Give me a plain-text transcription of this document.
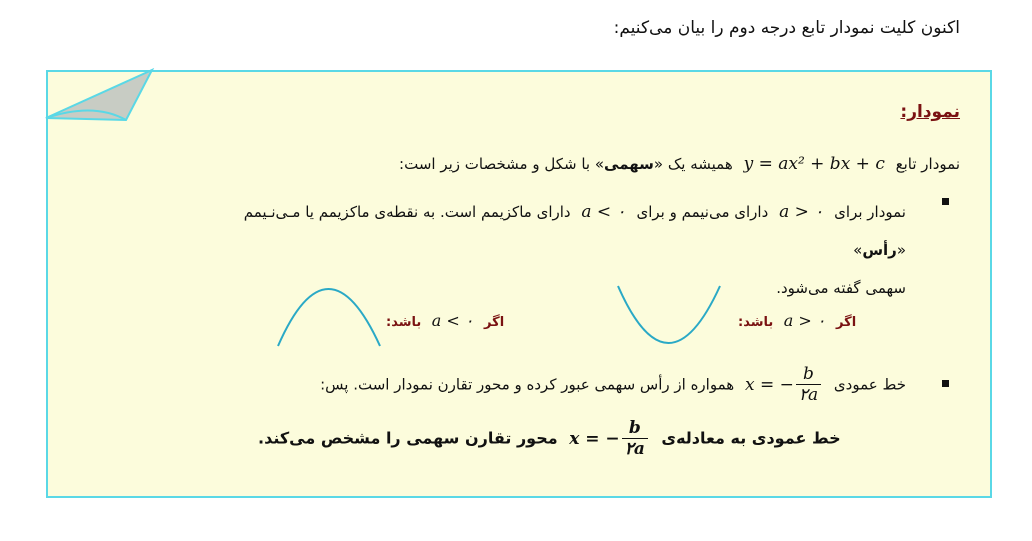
اکنون کلیت نمودار تابع درجه دوم را بیان می‌کنیم:
نمودار:
نمودار تابع y = ax² + bx + c همیشه یک «سهمی» با شکل و مشخصات زیر است:
نمودار برای a > ۰ دارای می‌نیمم و برای a < ۰ دارای ماکزیمم است. به نقطه‌ی ماکزیمم یا مـی‌نـیمم «رأس»
سهمی گفته می‌شود.
اگر a > ۰ باشد:
اگر a < ۰ باشد:
خط عمودی
x = − $\frac{b}{۲a}$
همواره از رأس سهمی عبور کرده و محور تقارن نمودار است. پس:
خط عمودی به معادله‌ی
x = − $\frac{b}{۲a}$
محور تقارن سهمی را مشخص می‌کند.
